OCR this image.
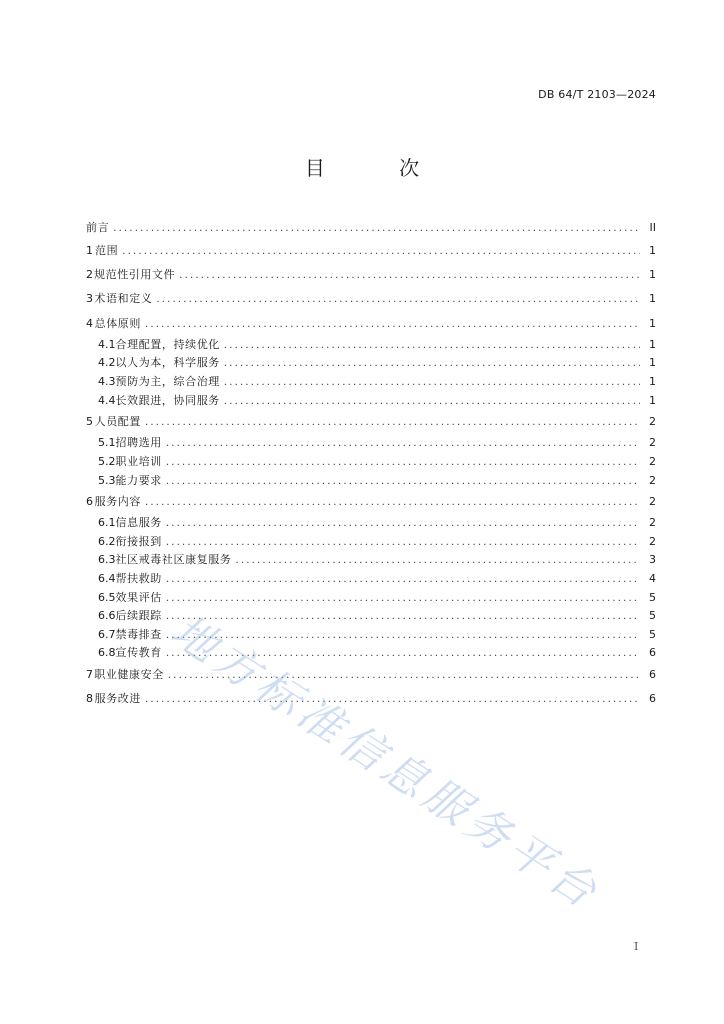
DB 64/T 2103—2024
目 次
前言 .....	II
1 范围 .....	1
2 规范性引用文件 .....	1
3 术语和定义 .....	1
4 总体原则 .....	1
4.1 合理配置，持续优化 .....	1
4.2 以人为本，科学服务 .....	1
4.3 预防为主，综合治理 .....	1
4.4 长效跟进，协同服务 .....	1
5 人员配置 .....	2
5.1 招聘选用 .....	2
5.2 职业培训 .....	2
5.3 能力要求 .....	2
6 服务内容 .....	2
6.1 信息服务 .....	2
6.2 衔接报到 .....	2
6.3 社区戒毒社区康复服务 .....	3
6.4 帮扶救助 .....	4
6.5 效果评估 .....	5
6.6 后续跟踪 .....	5
6.7 禁毒排查 .....	5
6.8 宣传教育 .....	6
7 职业健康安全 .....	6
8 服务改进 .....	6
地方标准信息服务平台
I
